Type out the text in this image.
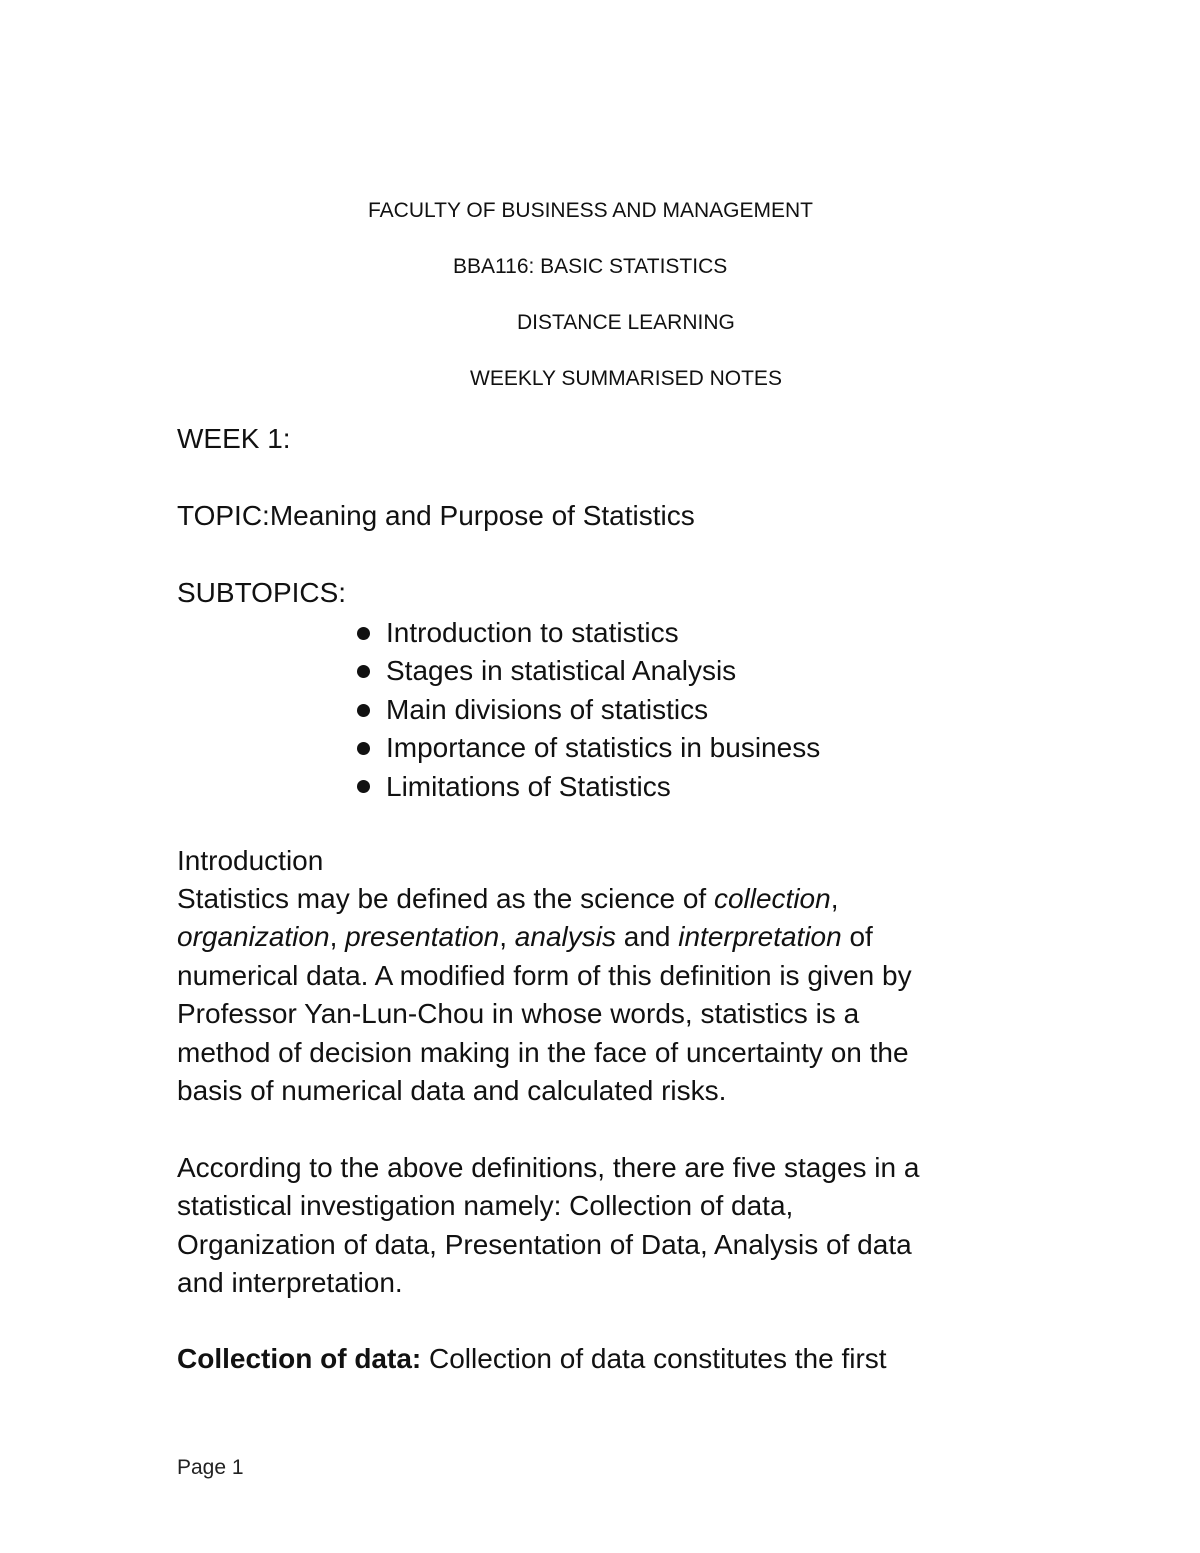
FACULTY OF BUSINESS AND MANAGEMENT
BBA116: BASIC STATISTICS
DISTANCE LEARNING
WEEKLY SUMMARISED NOTES
WEEK 1:
TOPIC:Meaning and Purpose of Statistics
SUBTOPICS:
Introduction to statistics
Stages in statistical Analysis
Main divisions of statistics
Importance of statistics in business
Limitations of Statistics
Introduction
Statistics may be defined as the science of collection,
organization, presentation, analysis and interpretation of
numerical data. A modified form of this definition is given by
Professor Yan-Lun-Chou in whose words, statistics is a
method of decision making in the face of uncertainty on the
basis of numerical data and calculated risks.
According to the above definitions, there are five stages in a
statistical investigation namely: Collection of data,
Organization of data, Presentation of Data, Analysis of data
and interpretation.
Collection of data: Collection of data constitutes the first
Page 1
